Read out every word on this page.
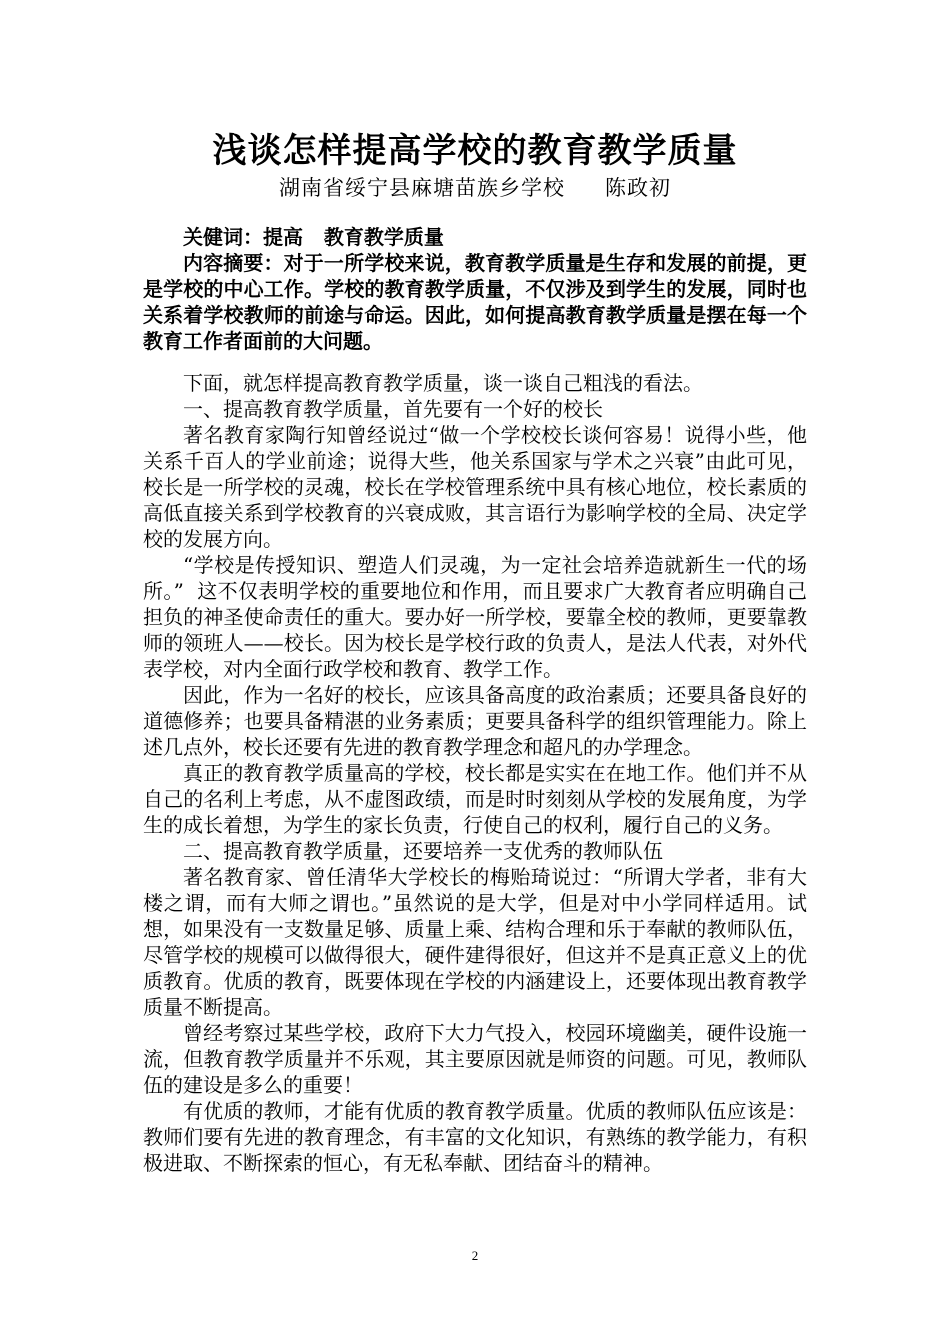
浅谈怎样提高学校的教育教学质量
湖南省绥宁县麻塘苗族乡学校 陈政初

关健词：提高   教育教学质量

内容摘要：对于一所学校来说，教育教学质量是生存和发展的前提，更是学校的中心工作。学校的教育教学质量，不仅涉及到学生的发展，同时也关系着学校教师的前途与命运。因此，如何提高教育教学质量是摆在每一个教育工作者面前的大问题。

下面，就怎样提高教育教学质量，谈一谈自己粗浅的看法。

一、提高教育教学质量，首先要有一个好的校长

著名教育家陶行知曾经说过“做一个学校校长谈何容易！说得小些，他关系千百人的学业前途；说得大些，他关系国家与学术之兴衰”由此可见，校长是一所学校的灵魂，校长在学校管理系统中具有核心地位，校长素质的高低直接关系到学校教育的兴衰成败，其言语行为影响学校的全局、决定学校的发展方向。

“学校是传授知识、塑造人们灵魂，为一定社会培养造就新生一代的场所。”  这不仅表明学校的重要地位和作用，而且要求广大教育者应明确自己担负的神圣使命责任的重大。要办好一所学校，要靠全校的教师，更要靠教师的领班人——校长。因为校长是学校行政的负责人，是法人代表，对外代表学校，对内全面行政学校和教育、教学工作。

因此，作为一名好的校长，应该具备高度的政治素质；还要具备良好的道德修养；也要具备精湛的业务素质；更要具备科学的组织管理能力。除上述几点外，校长还要有先进的教育教学理念和超凡的办学理念。

真正的教育教学质量高的学校，校长都是实实在在地工作。他们并不从自己的名利上考虑，从不虚图政绩，而是时时刻刻从学校的发展角度，为学生的成长着想，为学生的家长负责，行使自己的权利，履行自己的义务。

二、提高教育教学质量，还要培养一支优秀的教师队伍

著名教育家、曾任清华大学校长的梅贻琦说过：“所谓大学者，非有大楼之谓，而有大师之谓也。”虽然说的是大学，但是对中小学同样适用。试想，如果没有一支数量足够、质量上乘、结构合理和乐于奉献的教师队伍，尽管学校的规模可以做得很大，硬件建得很好，但这并不是真正意义上的优质教育。优质的教育，既要体现在学校的内涵建设上，还要体现出教育教学质量不断提高。

曾经考察过某些学校，政府下大力气投入，校园环境幽美，硬件设施一流，但教育教学质量并不乐观，其主要原因就是师资的问题。可见，教师队伍的建设是多么的重要！

有优质的教师，才能有优质的教育教学质量。优质的教师队伍应该是：教师们要有先进的教育理念，有丰富的文化知识，有熟练的教学能力，有积极进取、不断探索的恒心，有无私奉献、团结奋斗的精神。

2
